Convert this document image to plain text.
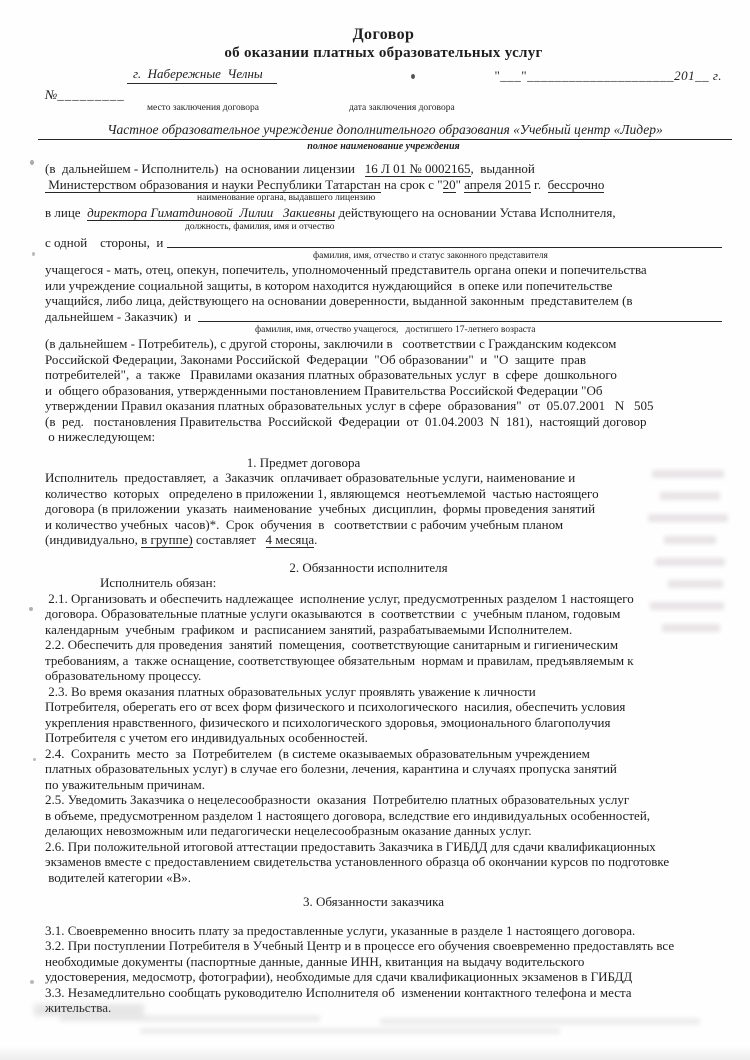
Договор
об оказании платных образовательных услуг
г.  Набережные  Челны	"___"_____________________201__ г.
№_________
место заключения договора	дата заключения договора
Частное образовательное учреждение дополнительного образования «Учебный центр «Лидер»
полное наименование учреждения
(в  дальнейшем - Исполнитель)  на основании лицензии   16 Л 01 № 0002165,  выданной
Министерством образования и науки Республики Татарстан на срок с "20" апреля 2015 г.  бессрочно
наименование органа, выдавшего лицензию
в лице  директора Гиматдиновой  Лилии   Закиевны действующего на основании Устава Исполнителя,
должность, фамилия, имя и отчество
с одной    стороны,  и
фамилия, имя, отчество и статус законного представителя
учащегося - мать, отец, опекун, попечитель, уполномоченный представитель органа опеки и попечительства
или учреждение социальной защиты, в котором находится нуждающийся  в опеке или попечительстве
учащийся, либо лица, действующего на основании доверенности, выданной законным  представителем (в
дальнейшем - Заказчик)  и
фамилия, имя, отчество учащегося,   достигшего 17-летнего возраста
(в дальнейшем - Потребитель), с другой стороны, заключили в   соответствии с Гражданским кодексом
Российской Федерации, Законами Российской  Федерации  "Об образовании"  и  "О  защите  прав
потребителей",  а  также   Правилами оказания платных образовательных услуг  в  сфере  дошкольного
и  общего образования, утвержденными постановлением Правительства Российской Федерации "Об
утверждении Правил оказания платных образовательных услуг в сфере  образования"  от  05.07.2001   N   505
(в  ред.   постановления Правительства  Российской  Федерации  от  01.04.2003  N  181),  настоящий договор
о нижеследующем:
1. Предмет договора
Исполнитель  предоставляет,  а  Заказчик  оплачивает образовательные услуги, наименование и
количество  которых   определено в приложении 1, являющемся  неотъемлемой  частью настоящего
договора (в приложении  указать  наименование  учебных  дисциплин,  формы проведения занятий
и количество учебных  часов)*.  Срок  обучения  в   соответствии с рабочим учебным планом
(индивидуально, в группе) составляет   4 месяца.
2. Обязанности исполнителя
Исполнитель обязан:
2.1. Организовать и обеспечить надлежащее  исполнение услуг, предусмотренных разделом 1 настоящего
договора. Образовательные платные услуги оказываются  в  соответствии  с  учебным планом, годовым
календарным  учебным  графиком  и  расписанием занятий, разрабатываемыми Исполнителем.
2.2. Обеспечить для проведения  занятий  помещения,  соответствующие санитарным и гигиеническим
требованиям, а  также оснащение, соответствующее обязательным  нормам и правилам, предъявляемым к
образовательному процессу.
2.3. Во время оказания платных образовательных услуг проявлять уважение к личности
Потребителя, оберегать его от всех форм физического и психологического  насилия, обеспечить условия
укрепления нравственного, физического и психологического здоровья, эмоционального благополучия
Потребителя с учетом его индивидуальных особенностей.
2.4.  Сохранить  место  за  Потребителем  (в системе оказываемых образовательным учреждением
платных образовательных услуг) в случае его болезни, лечения, карантина и случаях пропуска занятий
по уважительным причинам.
2.5. Уведомить Заказчика о нецелесообразности  оказания  Потребителю платных образовательных услуг
в объеме, предусмотренном разделом 1 настоящего договора, вследствие его индивидуальных особенностей,
делающих невозможным или педагогически нецелесообразным оказание данных услуг.
2.6. При положительной итоговой аттестации предоставить Заказчика в ГИБДД для сдачи квалификационных
экзаменов вместе с предоставлением свидетельства установленного образца об окончании курсов по подготовке
водителей категории «В».
3. Обязанности заказчика
3.1. Своевременно вносить плату за предоставленные услуги, указанные в разделе 1 настоящего договора.
3.2. При поступлении Потребителя в Учебный Центр и в процессе его обучения своевременно предоставлять все
необходимые документы (паспортные данные, данные ИНН, квитанция на выдачу водительского
удостоверения, медосмотр, фотографии), необходимые для сдачи квалификационных экзаменов в ГИБДД
3.3. Незамедлительно сообщать руководителю Исполнителя об  изменении контактного телефона и места
жительства.
